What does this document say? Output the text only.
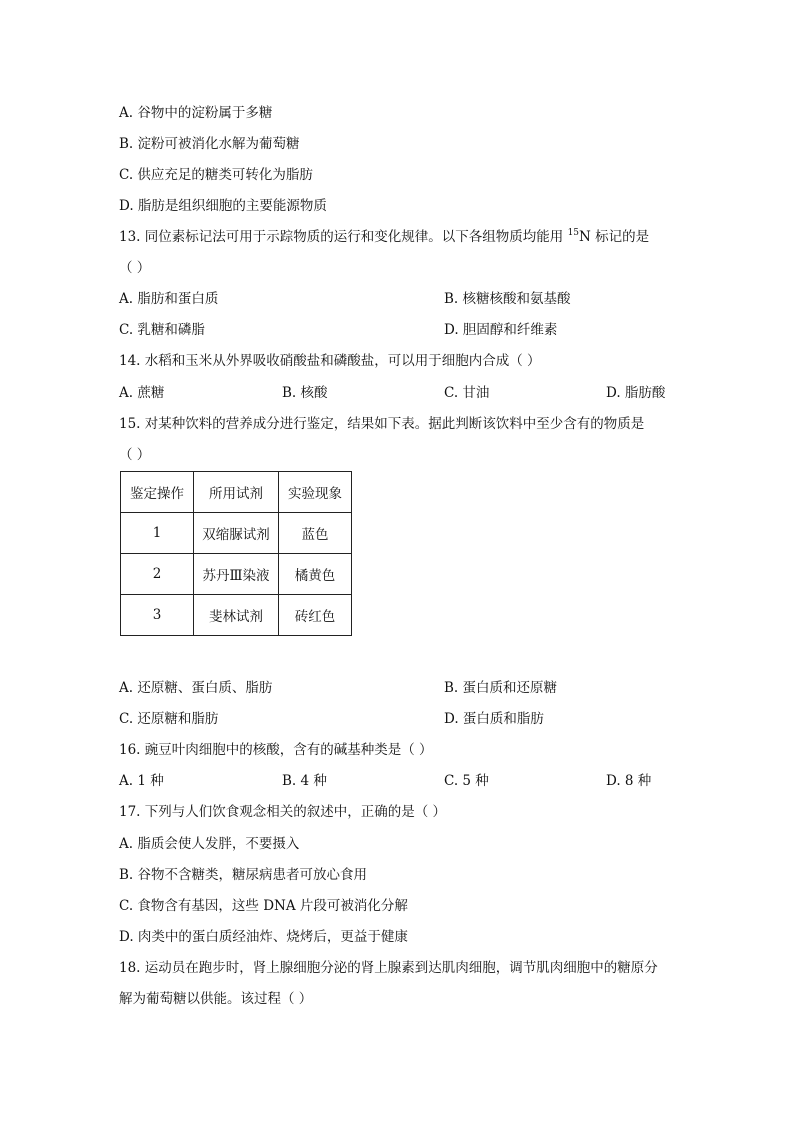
A. 谷物中的淀粉属于多糖
B. 淀粉可被消化水解为葡萄糖
C. 供应充足的糖类可转化为脂肪
D. 脂肪是组织细胞的主要能源物质
13. 同位素标记法可用于示踪物质的运行和变化规律。以下各组物质均能用 $^{15}$N 标记的是
（ ）
A. 脂肪和蛋白质	B. 核糖核酸和氨基酸
C. 乳糖和磷脂	D. 胆固醇和纤维素
14. 水稻和玉米从外界吸收硝酸盐和磷酸盐，可以用于细胞内合成（ ）
A. 蔗糖	B. 核酸	C. 甘油	D. 脂肪酸
15. 对某种饮料的营养成分进行鉴定，结果如下表。据此判断该饮料中至少含有的物质是
（ ）
鉴定操作	所用试剂	实验现象
1	双缩脲试剂	蓝色
2	苏丹Ⅲ染液	橘黄色
3	斐林试剂	砖红色
A. 还原糖、蛋白质、脂肪	B. 蛋白质和还原糖
C. 还原糖和脂肪	D. 蛋白质和脂肪
16. 豌豆叶肉细胞中的核酸，含有的碱基种类是（ ）
A. 1 种	B. 4 种	C. 5 种	D. 8 种
17. 下列与人们饮食观念相关的叙述中，正确的是（ ）
A. 脂质会使人发胖，不要摄入
B. 谷物不含糖类，糖尿病患者可放心食用
C. 食物含有基因，这些 DNA 片段可被消化分解
D. 肉类中的蛋白质经油炸、烧烤后，更益于健康
18. 运动员在跑步时，肾上腺细胞分泌的肾上腺素到达肌肉细胞，调节肌肉细胞中的糖原分
解为葡萄糖以供能。该过程（ ）
